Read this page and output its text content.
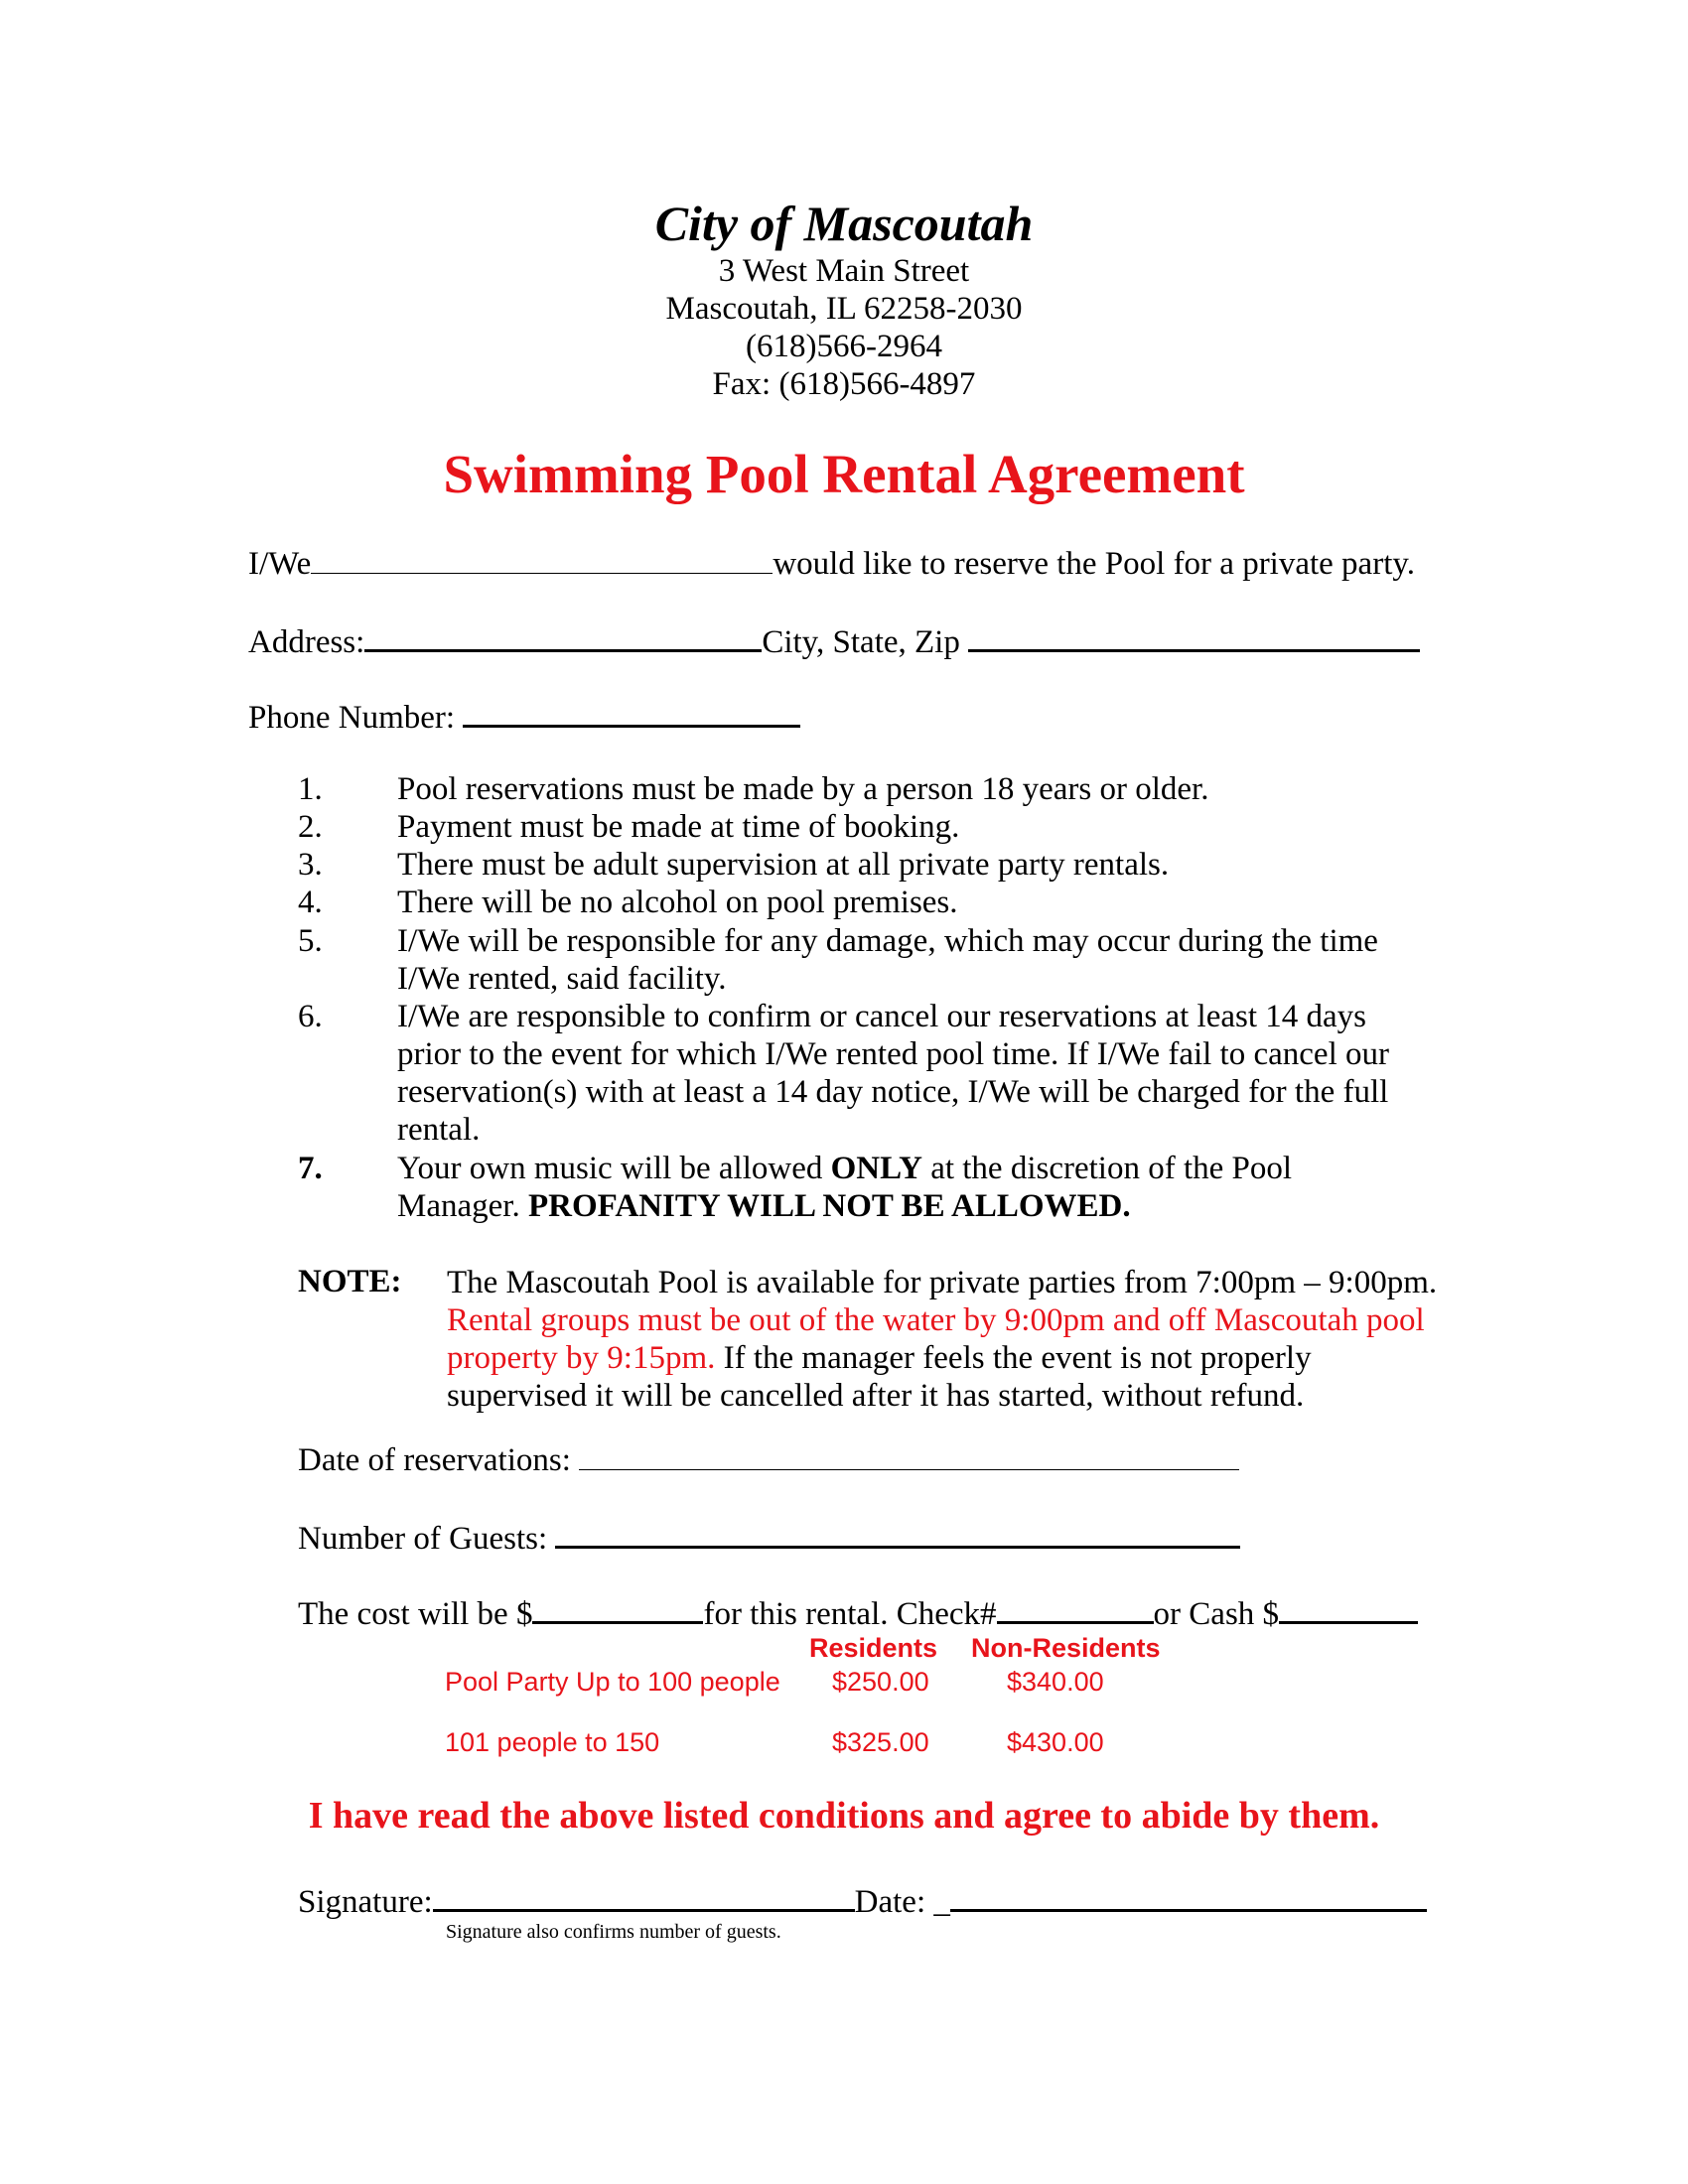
City of Mascoutah
3 West Main Street
Mascoutah, IL 62258-2030
(618)566-2964
Fax: (618)566-4897
Swimming Pool Rental Agreement
I/We	would like to reserve the Pool for a private party.
Address:	City, State, Zip
Phone Number:
1.	Pool reservations must be made by a person 18 years or older.
2.	Payment must be made at time of booking.
3.	There must be adult supervision at all private party rentals.
4.	There will be no alcohol on pool premises.
5.	I/We will be responsible for any damage, which may occur during the time I/We rented, said facility.
6.	I/We are responsible to confirm or cancel our reservations at least 14 days prior to the event for which I/We rented pool time. If I/We fail to cancel our reservation(s) with at least a 14 day notice, I/We will be charged for the full rental.
7.	Your own music will be allowed ONLY at the discretion of the Pool Manager. PROFANITY WILL NOT BE ALLOWED.
NOTE: The Mascoutah Pool is available for private parties from 7:00pm – 9:00pm. Rental groups must be out of the water by 9:00pm and off Mascoutah pool property by 9:15pm. If the manager feels the event is not properly supervised it will be cancelled after it has started, without refund.
Date of reservations:
Number of Guests:
The cost will be $	for this rental. Check#	or Cash $
Residents Non-Residents
Pool Party Up to 100 people $250.00	$340.00
101 people to 150	$325.00	$430.00
I have read the above listed conditions and agree to abide by them.
Signature:	Date: _
Signature also confirms number of guests.
